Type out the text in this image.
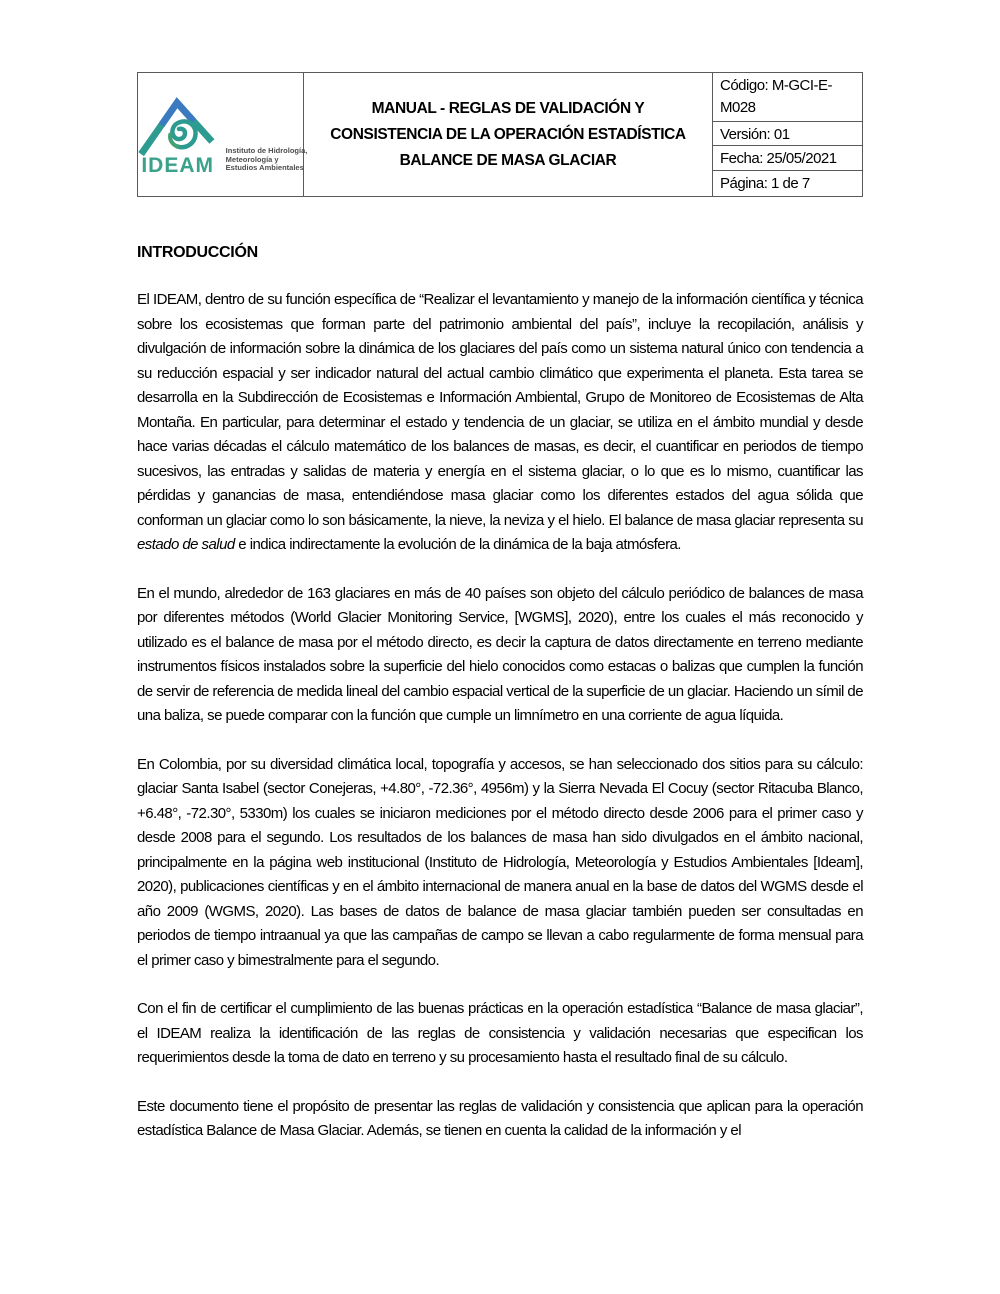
IDEAM
Instituto de Hidrología,
Meteorología y
Estudios Ambientales
MANUAL - REGLAS DE VALIDACIÓN Y
CONSISTENCIA DE LA OPERACIÓN ESTADÍSTICA
BALANCE DE MASA GLACIAR
Código: M-GCI-E-M028
Versión: 01
Fecha: 25/05/2021
Página: 1 de 7
INTRODUCCIÓN

El IDEAM, dentro de su función específica de “Realizar el levantamiento y manejo de la información científica y técnica sobre los ecosistemas que forman parte del patrimonio ambiental del país”, incluye la recopilación, análisis y divulgación de información sobre la dinámica de los glaciares del país como un sistema natural único con tendencia a su reducción espacial y ser indicador natural del actual cambio climático que experimenta el planeta. Esta tarea se desarrolla en la Subdirección de Ecosistemas e Información Ambiental, Grupo de Monitoreo de Ecosistemas de Alta Montaña. En particular, para determinar el estado y tendencia de un glaciar, se utiliza en el ámbito mundial y desde hace varias décadas el cálculo matemático de los balances de masas, es decir, el cuantificar en periodos de tiempo sucesivos, las entradas y salidas de materia y energía en el sistema glaciar, o lo que es lo mismo, cuantificar las pérdidas y ganancias de masa, entendiéndose masa glaciar como los diferentes estados del agua sólida que conforman un glaciar como lo son básicamente, la nieve, la neviza y el hielo. El balance de masa glaciar representa su estado de salud e indica indirectamente la evolución de la dinámica de la baja atmósfera.

En el mundo, alrededor de 163 glaciares en más de 40 países son objeto del cálculo periódico de balances de masa por diferentes métodos (World Glacier Monitoring Service, [WGMS], 2020), entre los cuales el más reconocido y utilizado es el balance de masa por el método directo, es decir la captura de datos directamente en terreno mediante instrumentos físicos instalados sobre la superficie del hielo conocidos como estacas o balizas que cumplen la función de servir de referencia de medida lineal del cambio espacial vertical de la superficie de un glaciar. Haciendo un símil de una baliza, se puede comparar con la función que cumple un limnímetro en una corriente de agua líquida.

En Colombia, por su diversidad climática local, topografía y accesos, se han seleccionado dos sitios para su cálculo: glaciar Santa Isabel (sector Conejeras, +4.80°, -72.36°, 4956m) y la Sierra Nevada El Cocuy (sector Ritacuba Blanco, +6.48°, -72.30°, 5330m) los cuales se iniciaron mediciones por el método directo desde 2006 para el primer caso y desde 2008 para el segundo. Los resultados de los balances de masa han sido divulgados en el ámbito nacional, principalmente en la página web institucional (Instituto de Hidrología, Meteorología y Estudios Ambientales [Ideam], 2020), publicaciones científicas y en el ámbito internacional de manera anual en la base de datos del WGMS desde el año 2009 (WGMS, 2020). Las bases de datos de balance de masa glaciar también pueden ser consultadas en periodos de tiempo intraanual ya que las campañas de campo se llevan a cabo regularmente de forma mensual para el primer caso y bimestralmente para el segundo.

Con el fin de certificar el cumplimiento de las buenas prácticas en la operación estadística “Balance de masa glaciar”, el IDEAM realiza la identificación de las reglas de consistencia y validación necesarias que especifican los requerimientos desde la toma de dato en terreno y su procesamiento hasta el resultado final de su cálculo.

Este documento tiene el propósito de presentar las reglas de validación y consistencia que aplican para la operación estadística Balance de Masa Glaciar. Además, se tienen en cuenta la calidad de la información y el
